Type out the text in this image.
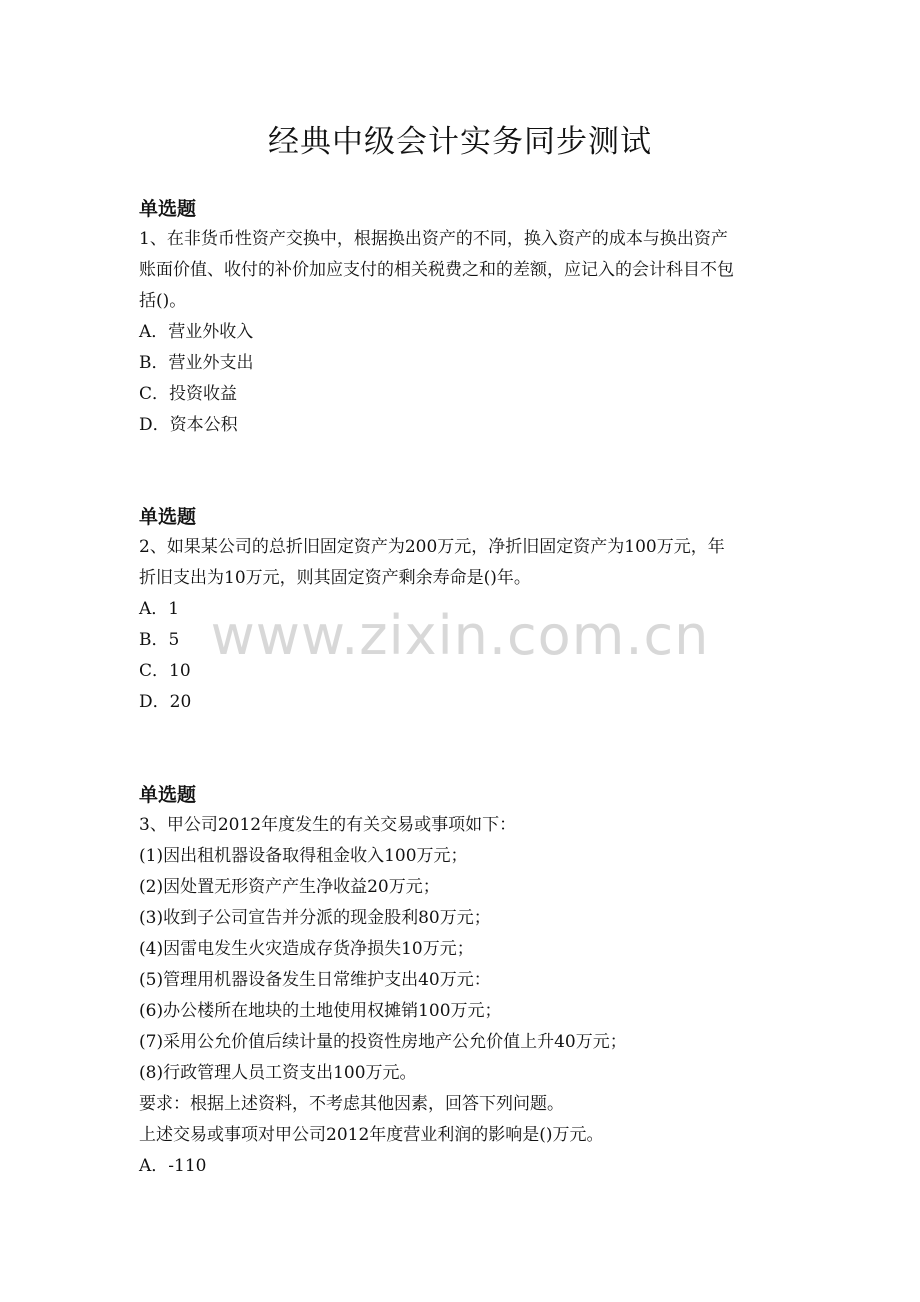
经典中级会计实务同步测试
www.zixin.com.cn
单选题
1、在非货币性资产交换中，根据换出资产的不同，换入资产的成本与换出资产
账面价值、收付的补价加应支付的相关税费之和的差额，应记入的会计科目不包
括()。
A．营业外收入
B．营业外支出
C．投资收益
D．资本公积
单选题
2、如果某公司的总折旧固定资产为200万元，净折旧固定资产为100万元，年
折旧支出为10万元，则其固定资产剩余寿命是()年。
A．1
B．5
C．10
D．20
单选题
3、甲公司2012年度发生的有关交易或事项如下：
(1)因出租机器设备取得租金收入100万元；
(2)因处置无形资产产生净收益20万元；
(3)收到子公司宣告并分派的现金股利80万元；
(4)因雷电发生火灾造成存货净损失10万元；
(5)管理用机器设备发生日常维护支出40万元：
(6)办公楼所在地块的土地使用权摊销100万元；
(7)采用公允价值后续计量的投资性房地产公允价值上升40万元；
(8)行政管理人员工资支出100万元。
要求：根据上述资料，不考虑其他因素，回答下列问题。
上述交易或事项对甲公司2012年度营业利润的影响是()万元。
A．-110
